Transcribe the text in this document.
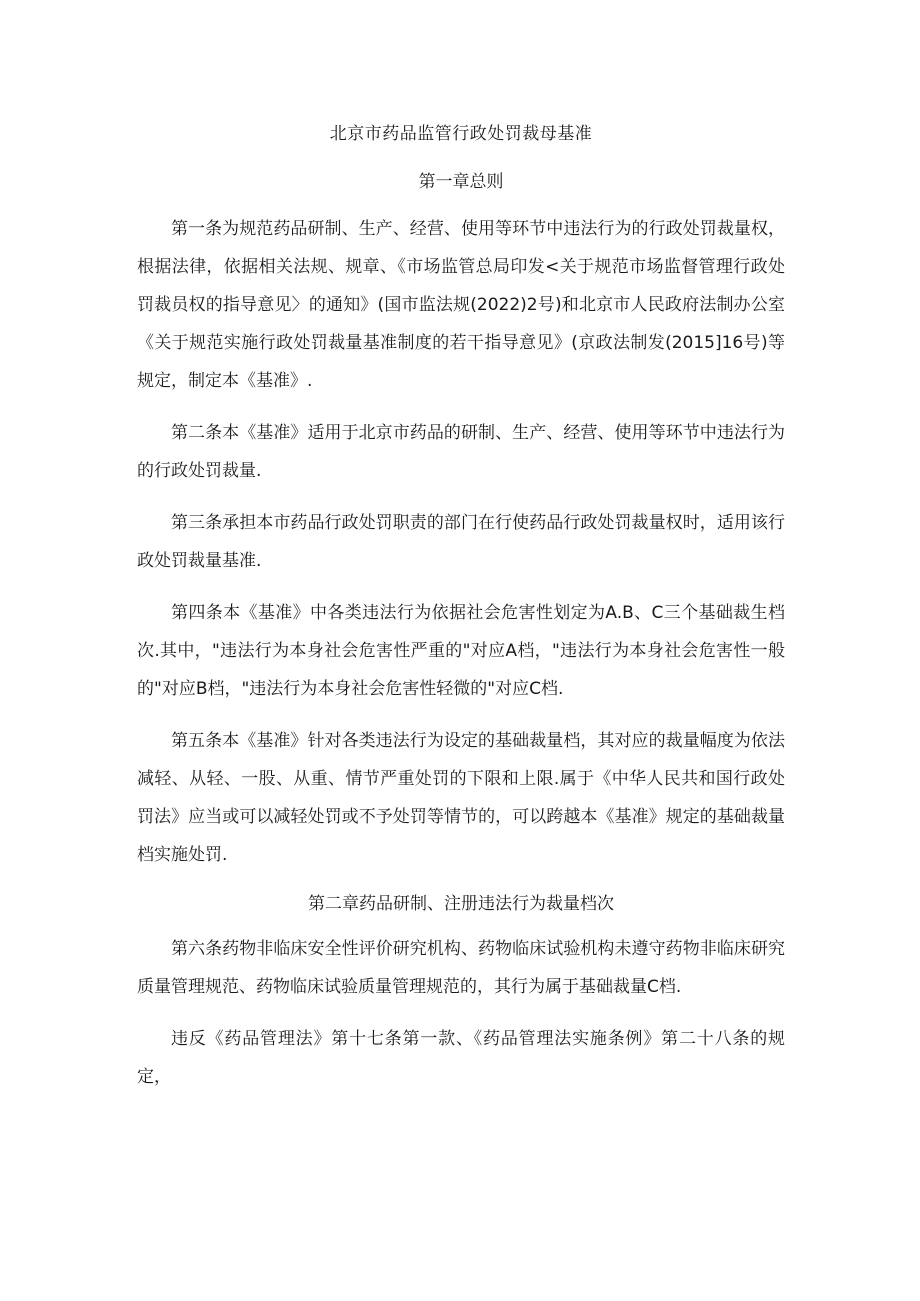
北京市药品监管行政处罚裁母基准
第一章总则

第一条为规范药品研制、生产、经营、使用等环节中违法行为的行政处罚裁量权，根据法律，依据相关法规、规章、《市场监管总局印发<关于规范市场监督管理行政处罚裁员权的指导意见〉的通知》(国市监法规(2022)2号)和北京市人民政府法制办公室《关于规范实施行政处罚裁量基准制度的若干指导意见》(京政法制发(2015]16号)等规定，制定本《基准》.

第二条本《基准》适用于北京市药品的研制、生产、经营、使用等环节中违法行为的行政处罚裁量.

第三条承担本市药品行政处罚职责的部门在行使药品行政处罚裁量权时，适用该行政处罚裁量基准.

第四条本《基准》中各类违法行为依据社会危害性划定为A.B、C三个基础裁生档次.其中，"违法行为本身社会危害性严重的"对应A档，"违法行为本身社会危害性一般的"对应B档，"违法行为本身社会危害性轻微的"对应C档.

第五条本《基准》针对各类违法行为设定的基础裁量档，其对应的裁量幅度为依法减轻、从轻、一股、从重、情节严重处罚的下限和上限.属于《中华人民共和国行政处罚法》应当或可以减轻处罚或不予处罚等情节的，可以跨越本《基准》规定的基础裁量档实施处罚.

第二章药品研制、注册违法行为裁量档次

第六条药物非临床安全性评价研究机构、药物临床试验机构未遵守药物非临床研究质量管理规范、药物临床试验质量管理规范的，其行为属于基础裁量C档.

违反《药品管理法》第十七条第一款、《药品管理法实施条例》第二十八条的规定，
